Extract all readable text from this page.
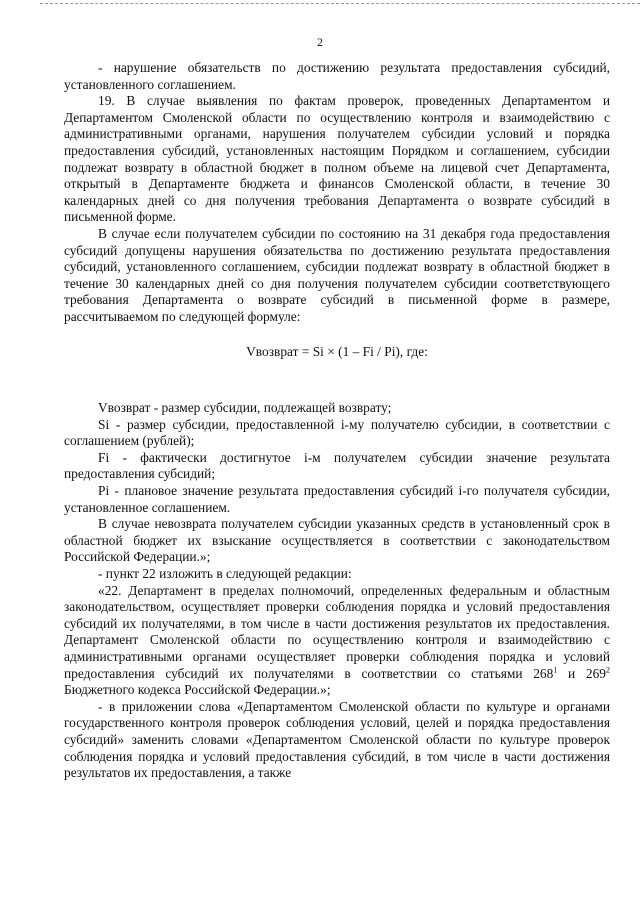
2

- нарушение обязательств по достижению результата предоставления субсидий, установленного соглашением.

19. В случае выявления по фактам проверок, проведенных Департаментом и Департаментом Смоленской области по осуществлению контроля и взаимодействию с административными органами, нарушения получателем субсидии условий и порядка предоставления субсидий, установленных настоящим Порядком и соглашением, субсидии подлежат возврату в областной бюджет в полном объеме на лицевой счет Департамента, открытый в Департаменте бюджета и финансов Смоленской области, в течение 30 календарных дней со дня получения требования Департамента о возврате субсидий в письменной форме.

В случае если получателем субсидии по состоянию на 31 декабря года предоставления субсидий допущены нарушения обязательства по достижению результата предоставления субсидий, установленного соглашением, субсидии подлежат возврату в областной бюджет в течение 30 календарных дней со дня получения получателем субсидии соответствующего требования Департамента о возврате субсидий в письменной форме в размере, рассчитываемом по следующей формуле:

Vвозврат = Si × (1 – Fi / Pi), где:

Vвозврат - размер субсидии, подлежащей возврату;

Si - размер субсидии, предоставленной i-му получателю субсидии, в соответствии с соглашением (рублей);

Fi - фактически достигнутое i-м получателем субсидии значение результата предоставления субсидий;

Pi - плановое значение результата предоставления субсидий i-го получателя субсидии, установленное соглашением.

В случае невозврата получателем субсидии указанных средств в установленный срок в областной бюджет их взыскание осуществляется в соответствии с законодательством Российской Федерации.»;

- пункт 22 изложить в следующей редакции:

«22. Департамент в пределах полномочий, определенных федеральным и областным законодательством, осуществляет проверки соблюдения порядка и условий предоставления субсидий их получателями, в том числе в части достижения результатов их предоставления. Департамент Смоленской области по осуществлению контроля и взаимодействию с административными органами осуществляет проверки соблюдения порядка и условий предоставления субсидий их получателями в соответствии со статьями $268^1$ и $269^2$ Бюджетного кодекса Российской Федерации.»;

- в приложении слова «Департаментом Смоленской области по культуре и органами государственного контроля проверок соблюдения условий, целей и порядка предоставления субсидий» заменить словами «Департаментом Смоленской области по культуре проверок соблюдения порядка и условий предоставления субсидий, в том числе в части достижения результатов их предоставления, а также
